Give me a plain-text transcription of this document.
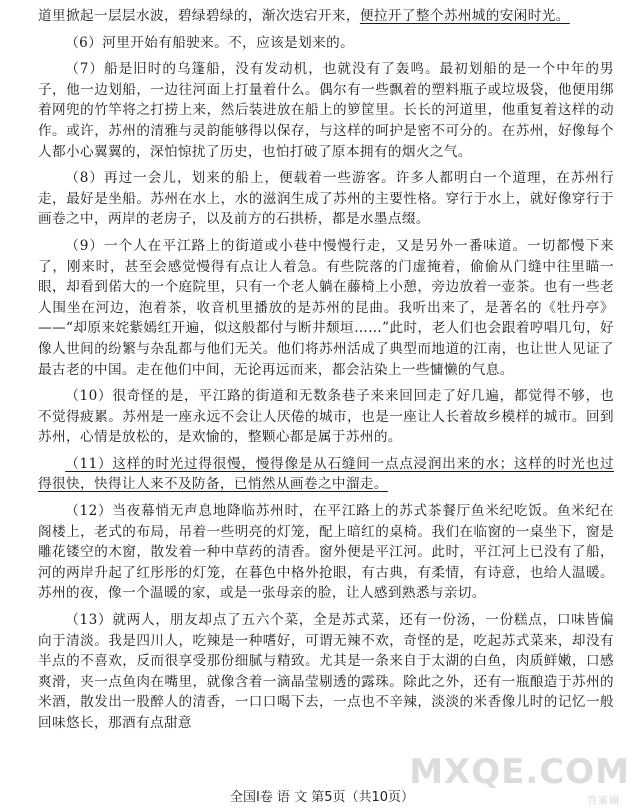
道里掀起一层层水波，碧绿碧绿的，渐次迭宕开来，便拉开了整个苏州城的安闲时光。

（6）河里开始有船驶来。不，应该是划来的。

（7）船是旧时的乌篷船，没有发动机，也就没有了轰鸣。最初划船的是一个中年的男子，他一边划船，一边往河面上打量着什么。偶尔有一些飘着的塑料瓶子或垃圾袋，他便用绑着网兜的竹竿将之打捞上来，然后装进放在船上的箩筐里。长长的河道里，他重复着这样的动作。或许，苏州的清雅与灵韵能够得以保存，与这样的呵护是密不可分的。在苏州，好像每个人都小心翼翼的，深怕惊扰了历史，也怕打破了原本拥有的烟火之气。

（8）再过一会儿，划来的船上，便载着一些游客。许多人都明白一个道理，在苏州行走，最好是坐船。苏州在水上，水的滋润生成了苏州的主要性格。穿行于水上，就好像穿行于画卷之中，两岸的老房子，以及前方的石拱桥，都是水墨点缀。

（9）一个人在平江路上的街道或小巷中慢慢行走，又是另外一番味道。一切都慢下来了，刚来时，甚至会感觉慢得有点让人着急。有些院落的门虚掩着，偷偷从门缝中往里瞄一眼，却看到偌大的一个庭院里，只有一个老人躺在藤椅上小憩，旁边放着一壶茶。也有一些老人围坐在河边，泡着茶，收音机里播放的是苏州的昆曲。我听出来了，是著名的《牡丹亭》——“却原来姹紫嫣红开遍，似这般都付与断井颓垣……”此时，老人们也会跟着哼唱几句，好像人世间的纷繁与杂乱都与他们无关。他们将苏州活成了典型而地道的江南，也让世人见证了最古老的中国。走在他们中间，无论再远而来，都会沾染上一些慵懒的气息。

（10）很奇怪的是，平江路的街道和无数条巷子来来回回走了好几遍，都觉得不够，也不觉得疲累。苏州是一座永远不会让人厌倦的城市，也是一座让人长着故乡模样的城市。回到苏州，心情是放松的，是欢愉的，整颗心都是属于苏州的。

（11）这样的时光过得很慢，慢得像是从石缝间一点点浸润出来的水；这样的时光也过得很快，快得让人来不及防备，已悄然从画卷之中溜走。

（12）当夜幕悄无声息地降临苏州时，在平江路上的苏式茶餐厅鱼米纪吃饭。鱼米纪在阁楼上，老式的布局，吊着一些明亮的灯笼，配上暗红的桌椅。我们在临窗的一桌坐下，窗是雕花镂空的木窗，散发着一种中草药的清香。窗外便是平江河。此时，平江河上已没有了船，河的两岸升起了红彤彤的灯笼，在暮色中格外抢眼，有古典，有柔情，有诗意，也给人温暖。苏州的夜，像一个温暖的家，或是一张母亲的脸，让人感到熟悉与亲切。

（13）就两人，朋友却点了五六个菜，全是苏式菜，还有一份汤，一份糕点，口味皆偏向于清淡。我是四川人，吃辣是一种嗜好，可谓无辣不欢，奇怪的是，吃起苏式菜来，却没有半点的不喜欢，反而很享受那份细腻与精致。尤其是一条来自于太湖的白鱼，肉质鲜嫩，口感爽滑，夹一点鱼肉在嘴里，就像含着一滴晶莹剔透的露珠。除此之外，还有一瓶酿造于苏州的米酒，散发出一股醉人的清香，一口口喝下去，一点也不辛辣，淡淡的米香像儿时的记忆一般回味悠长，那酒有点甜意

全国Ⅰ卷 语 文 第5页（共10页）
MXQE.COM
答案圈
